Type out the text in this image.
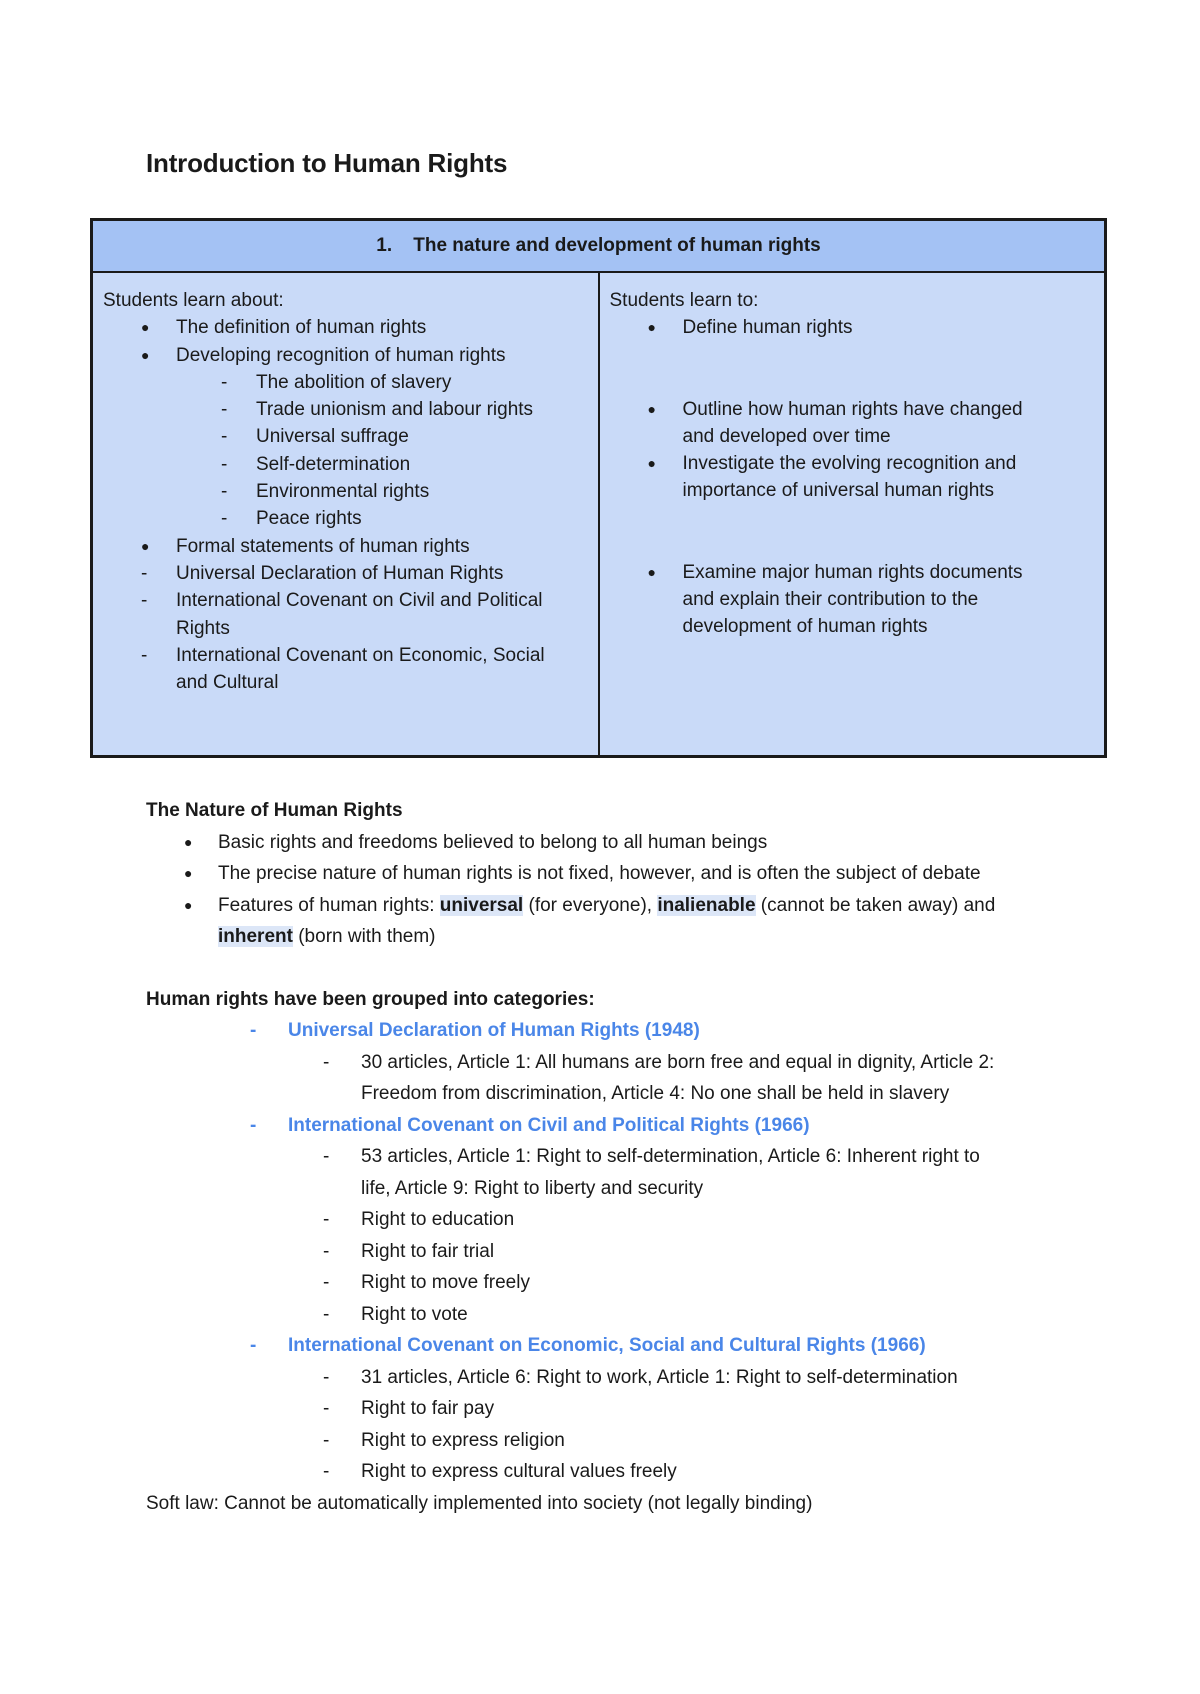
Introduction to Human Rights
1. The nature and development of human rights

Students learn about:

●	The definition of human rights
●	Developing recognition of human rights
-	The abolition of slavery
-	Trade unionism and labour rights
-	Universal suffrage
-	Self-determination
-	Environmental rights
-	Peace rights
●	Formal statements of human rights
-	Universal Declaration of Human Rights
-	International Covenant on Civil and Political
Rights
-	International Covenant on Economic, Social
and Cultural

Students learn to:

●	Define human rights
●	Outline how human rights have changed
and developed over time
●	Investigate the evolving recognition and
importance of universal human rights
●	Examine major human rights documents
and explain their contribution to the
development of human rights

The Nature of Human Rights

●	Basic rights and freedoms believed to belong to all human beings
●	The precise nature of human rights is not fixed, however, and is often the subject of debate
●	Features of human rights: universal (for everyone), inalienable (cannot be taken away) and
inherent (born with them)

Human rights have been grouped into categories:

-	Universal Declaration of Human Rights (1948)
-	30 articles, Article 1: All humans are born free and equal in dignity, Article 2:
Freedom from discrimination, Article 4: No one shall be held in slavery
-	International Covenant on Civil and Political Rights (1966)
-	53 articles, Article 1: Right to self-determination, Article 6: Inherent right to
life, Article 9: Right to liberty and security
-	Right to education
-	Right to fair trial
-	Right to move freely
-	Right to vote
-	International Covenant on Economic, Social and Cultural Rights (1966)
-	31 articles, Article 6: Right to work, Article 1: Right to self-determination
-	Right to fair pay
-	Right to express religion
-	Right to express cultural values freely

Soft law: Cannot be automatically implemented into society (not legally binding)
